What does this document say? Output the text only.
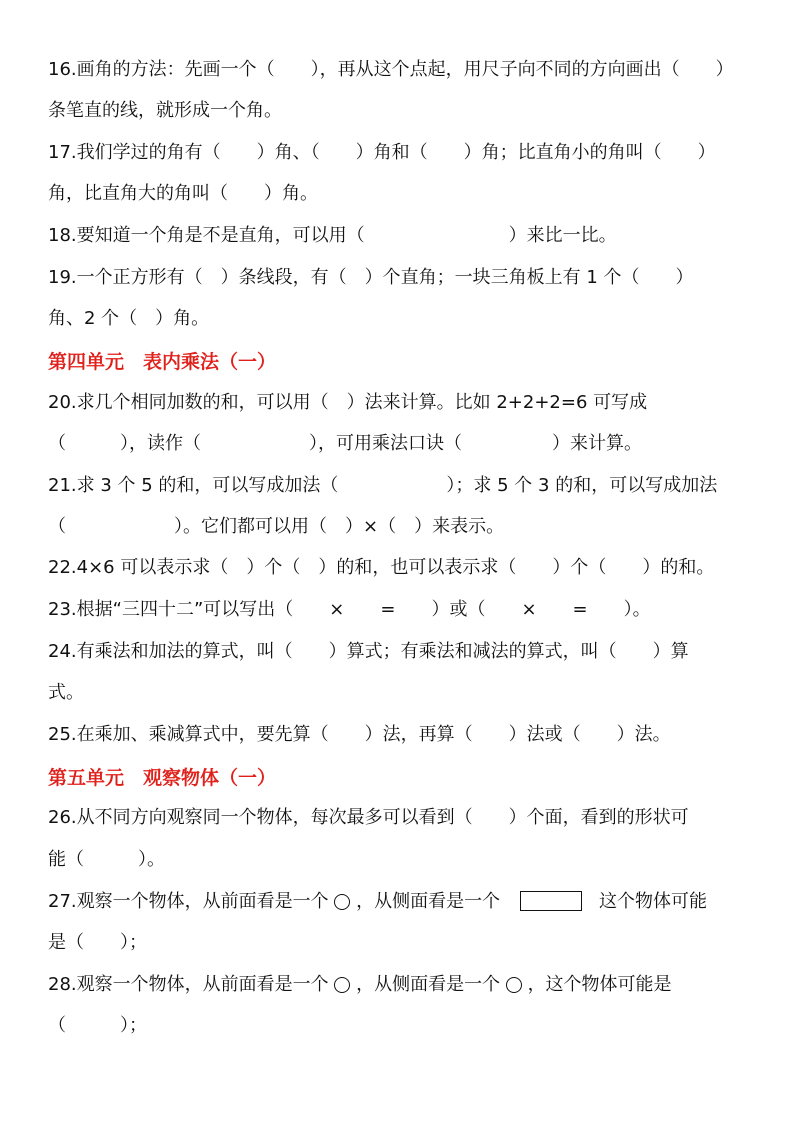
16.画角的方法：先画一个（　　），再从这个点起，用尺子向不同的方向画出（　　）
条笔直的线，就形成一个角。
17.我们学过的角有（　　）角、（　　）角和（　　）角；比直角小的角叫（　　）
角，比直角大的角叫（　　）角。
18.要知道一个角是不是直角，可以用（　　　　　　　　）来比一比。
19.一个正方形有（　）条线段，有（　）个直角；一块三角板上有 1 个（　　）
角、2 个（　）角。
第四单元　表内乘法（一）
20.求几个相同加数的和，可以用（　）法来计算。比如 2+2+2=6 可写成
（　　　），读作（　　　　　　），可用乘法口诀（　　　　　）来计算。
21.求 3 个 5 的和，可以写成加法（　　　　　　）；求 5 个 3 的和，可以写成加法
（　　　　　　）。它们都可以用（　）×（　）来表示。
22.4×6 可以表示求（　）个（　）的和，也可以表示求（　　）个（　　）的和。
23.根据“三四十二”可以写出（　　×　　=　　）或（　　×　　=　　）。
24.有乘法和加法的算式，叫（　　）算式；有乘法和减法的算式，叫（　　）算
式。
25.在乘加、乘减算式中，要先算（　　）法，再算（　　）法或（　　）法。
第五单元　观察物体（一）
26.从不同方向观察同一个物体，每次最多可以看到（　　）个面，看到的形状可
能（　　　）。
27.观察一个物体，从前面看是一个 ，从侧面看是一个	这个物体可能
是（　　）；
28.观察一个物体，从前面看是一个 ，从侧面看是一个 ，这个物体可能是
（　　　）；
